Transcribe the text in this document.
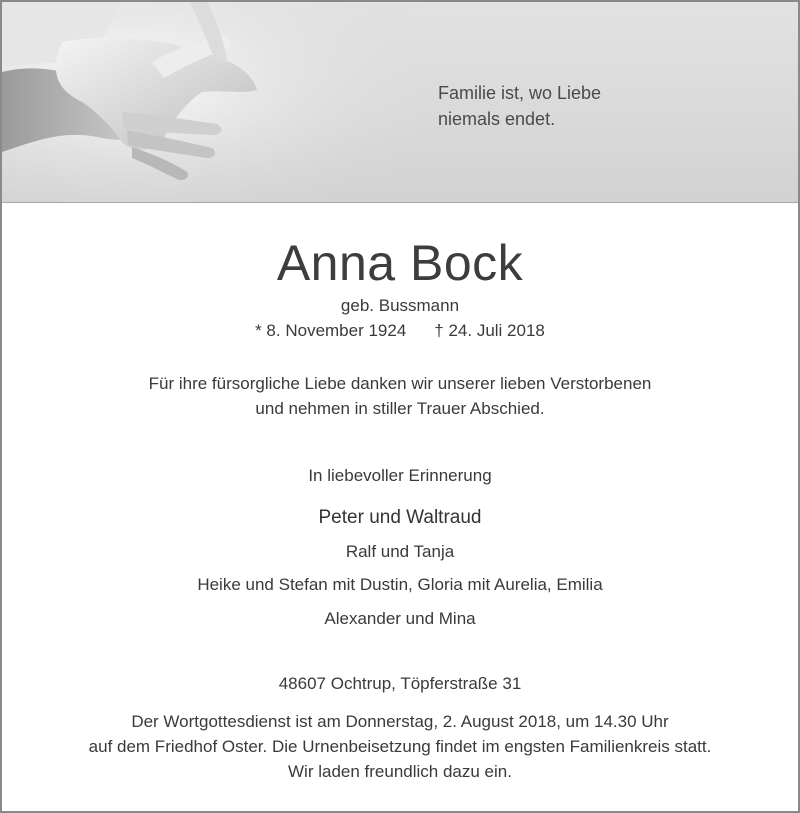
Familie ist, wo Liebe
niemals endet.
Anna Bock
geb. Bussmann
* 8. November 1924 † 24. Juli 2018
Für ihre fürsorgliche Liebe danken wir unserer lieben Verstorbenen
und nehmen in stiller Trauer Abschied.
In liebevoller Erinnerung
Peter und Waltraud
Ralf und Tanja
Heike und Stefan mit Dustin, Gloria mit Aurelia, Emilia
Alexander und Mina
48607 Ochtrup, Töpferstraße 31
Der Wortgottesdienst ist am Donnerstag, 2. August 2018, um 14.30 Uhr
auf dem Friedhof Oster. Die Urnenbeisetzung findet im engsten Familienkreis statt.
Wir laden freundlich dazu ein.
